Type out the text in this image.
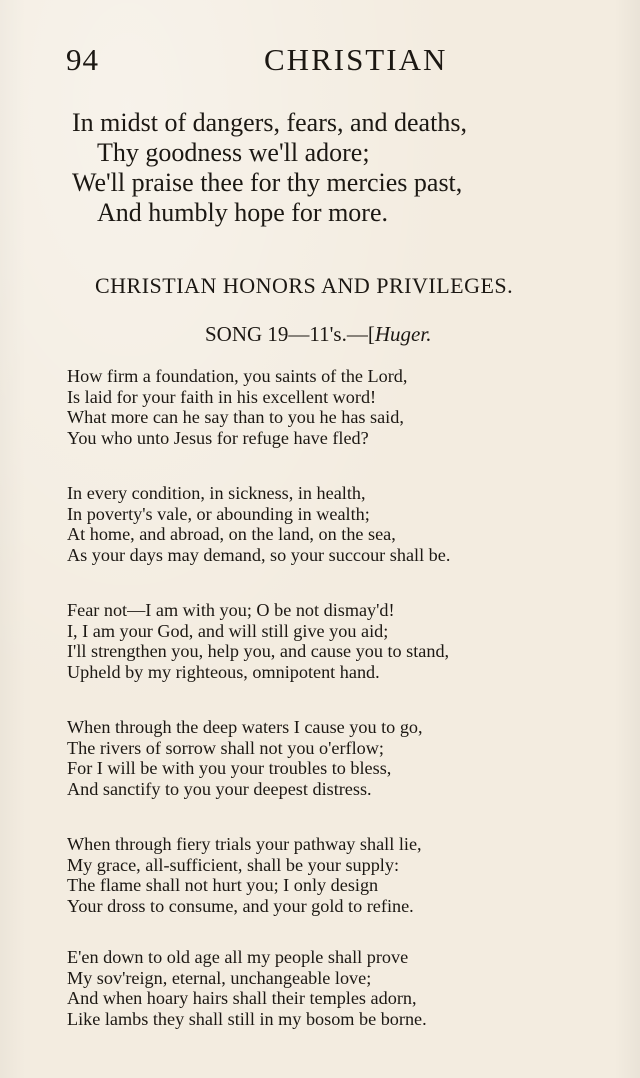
94	CHRISTIAN
In midst of dangers, fears, and deaths,
Thy goodness we'll adore;
We'll praise thee for thy mercies past,
And humbly hope for more.
CHRISTIAN HONORS AND PRIVILEGES.
SONG 19—11's.—[Huger.
How firm a foundation, you saints of the Lord,
Is laid for your faith in his excellent word!
What more can he say than to you he has said,
You who unto Jesus for refuge have fled?
In every condition, in sickness, in health,
In poverty's vale, or abounding in wealth;
At home, and abroad, on the land, on the sea,
As your days may demand, so your succour shall be.
Fear not—I am with you; O be not dismay'd!
I, I am your God, and will still give you aid;
I'll strengthen you, help you, and cause you to stand,
Upheld by my righteous, omnipotent hand.
When through the deep waters I cause you to go,
The rivers of sorrow shall not you o'erflow;
For I will be with you your troubles to bless,
And sanctify to you your deepest distress.
When through fiery trials your pathway shall lie,
My grace, all-sufficient, shall be your supply:
The flame shall not hurt you; I only design
Your dross to consume, and your gold to refine.
E'en down to old age all my people shall prove
My sov'reign, eternal, unchangeable love;
And when hoary hairs shall their temples adorn,
Like lambs they shall still in my bosom be borne.
